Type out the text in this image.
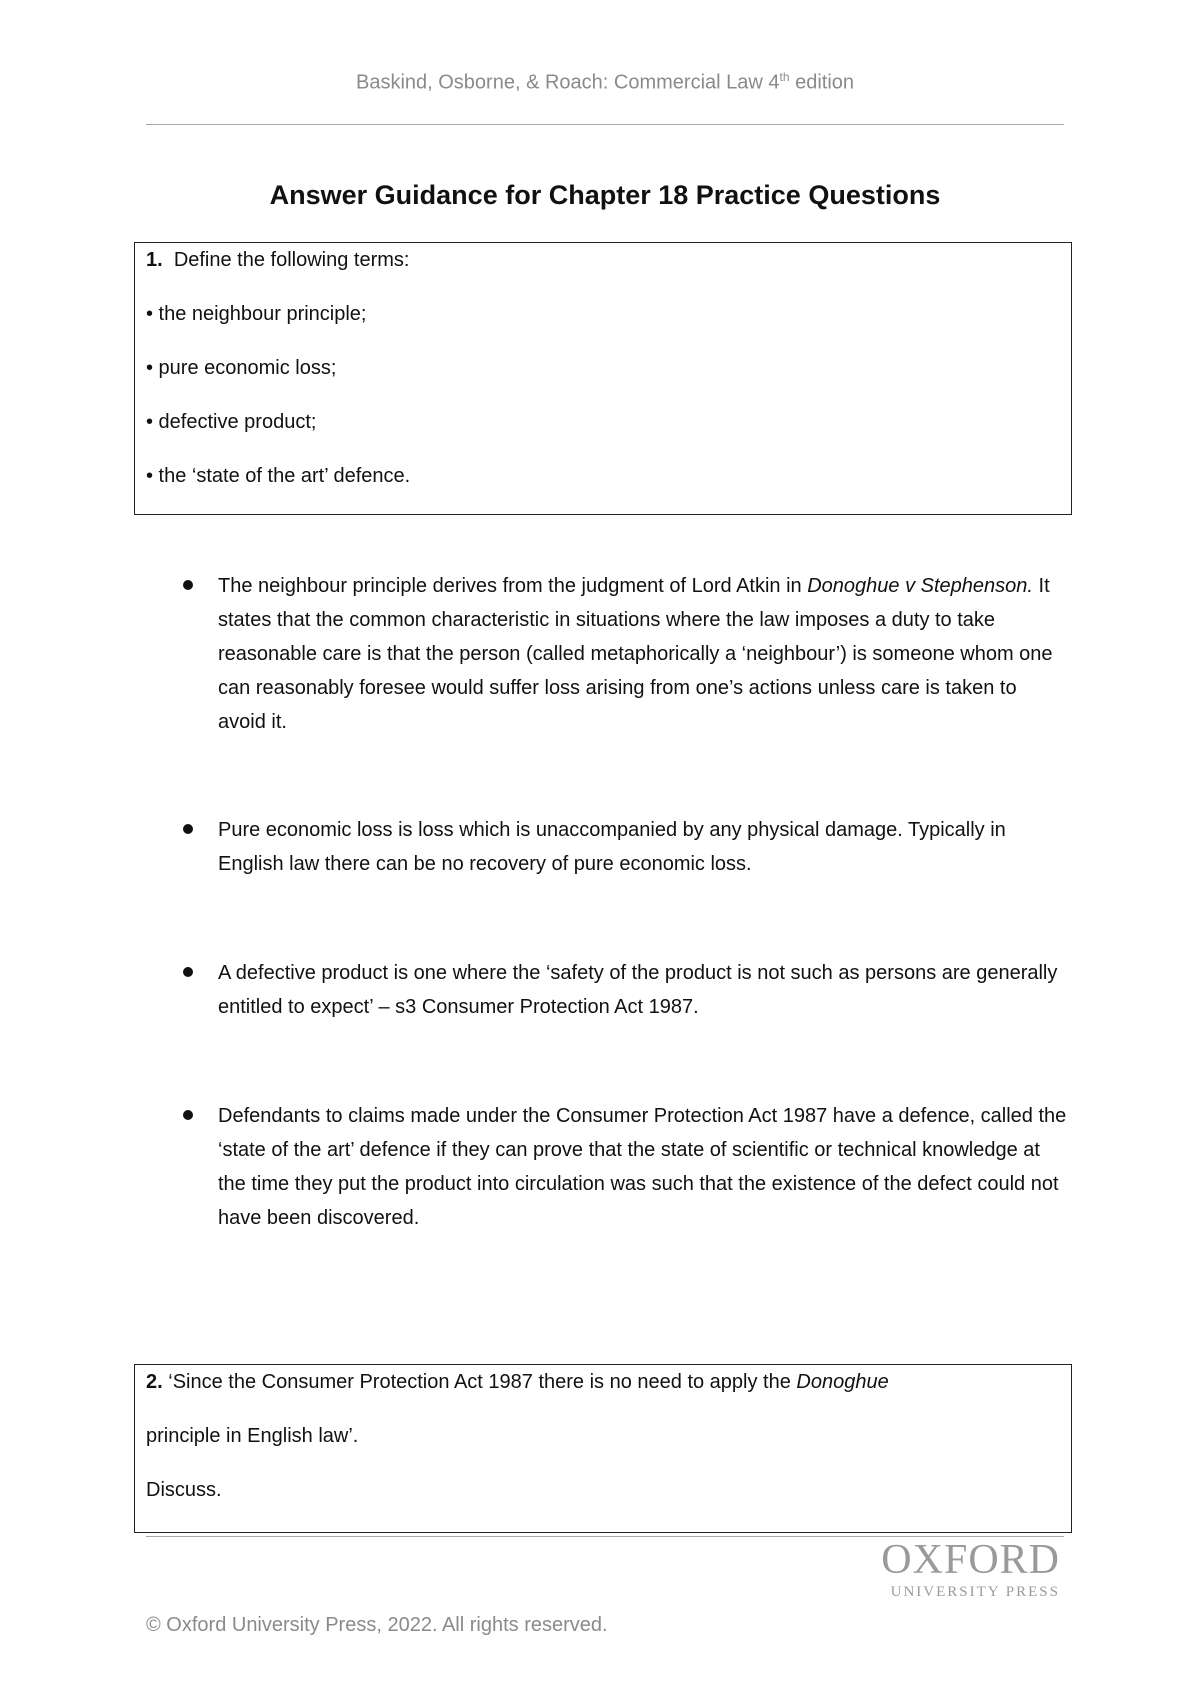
Baskind, Osborne, & Roach: Commercial Law 4th edition
Answer Guidance for Chapter 18 Practice Questions

1. Define the following terms:

• the neighbour principle;

• pure economic loss;

• defective product;

• the ‘state of the art’ defence.

The neighbour principle derives from the judgment of Lord Atkin in Donoghue v Stephenson. It states that the common characteristic in situations where the law imposes a duty to take reasonable care is that the person (called metaphorically a ‘neighbour’) is someone whom one can reasonably foresee would suffer loss arising from one’s actions unless care is taken to avoid it.
Pure economic loss is loss which is unaccompanied by any physical damage. Typically in English law there can be no recovery of pure economic loss.
A defective product is one where the ‘safety of the product is not such as persons are generally entitled to expect’ – s3 Consumer Protection Act 1987.
Defendants to claims made under the Consumer Protection Act 1987 have a defence, called the ‘state of the art’ defence if they can prove that the state of scientific or technical knowledge at the time they put the product into circulation was such that the existence of the defect could not have been discovered.

2. ‘Since the Consumer Protection Act 1987 there is no need to apply the Donoghue

principle in English law’.

Discuss.

OXFORD
UNIVERSITY PRESS
© Oxford University Press, 2022. All rights reserved.
